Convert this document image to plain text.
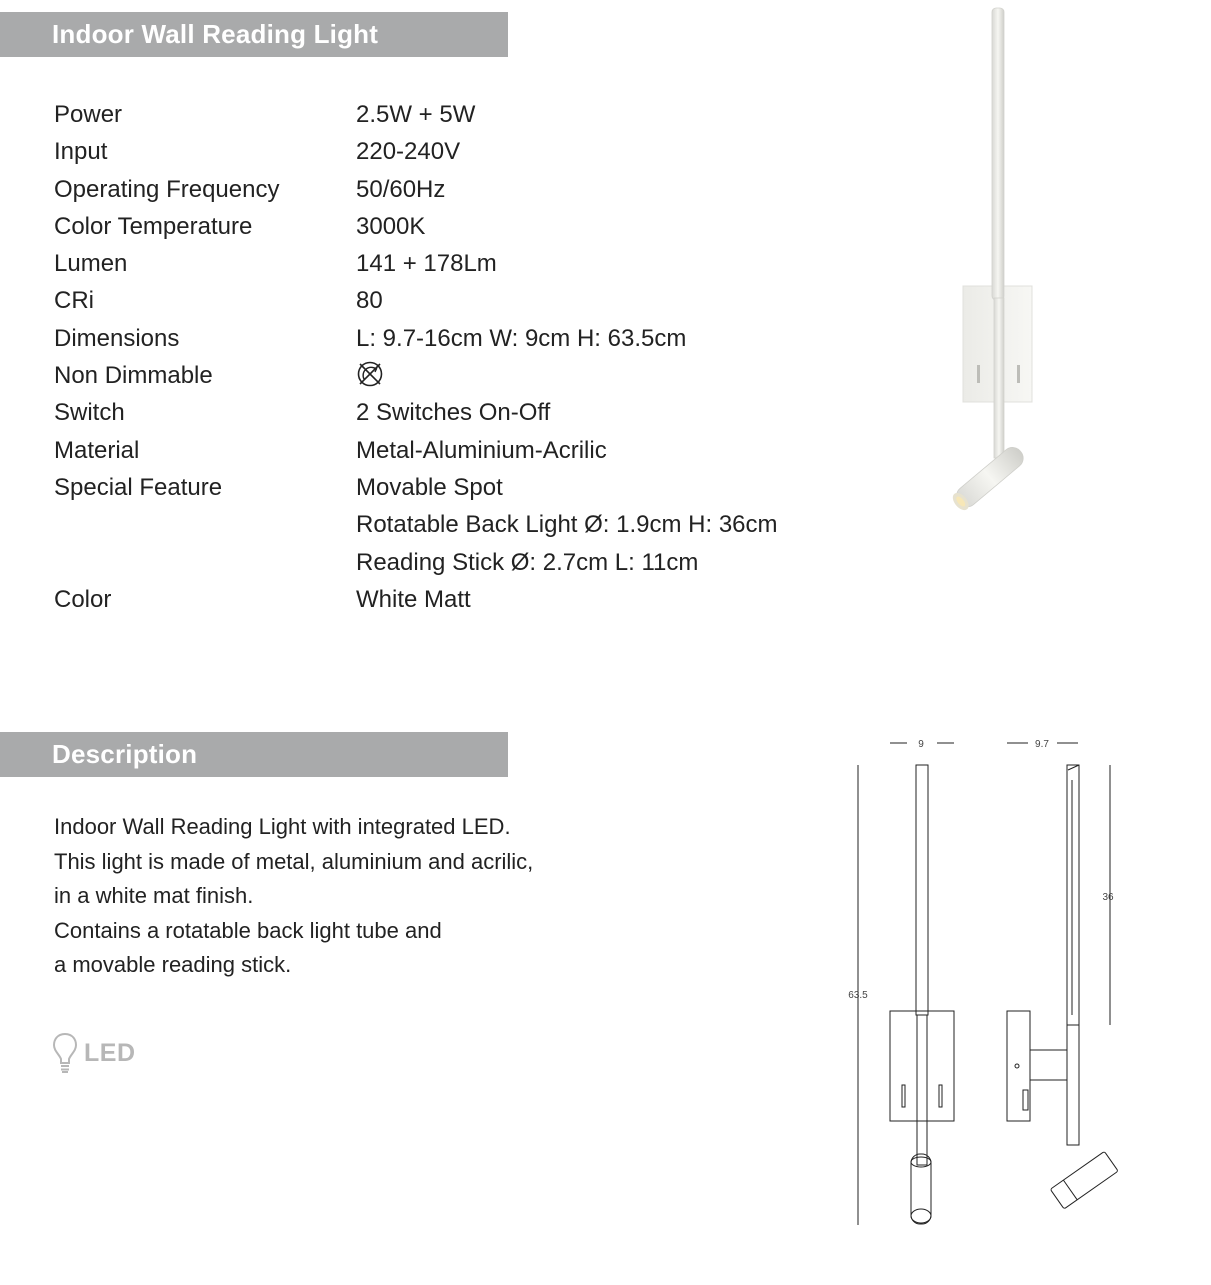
Indoor Wall Reading Light
Power	2.5W + 5W
Input	220-240V
Operating Frequency	50/60Hz
Color Temperature	3000K
Lumen	141 + 178Lm
CRi	80
Dimensions	L: 9.7-16cm W: 9cm H: 63.5cm
Non Dimmable
Switch	2 Switches On-Off
Material	Metal-Aluminium-Acrilic
Special Feature	Movable Spot
Rotatable Back Light Ø: 1.9cm H: 36cm
Reading Stick Ø: 2.7cm L: 11cm
Color	White Matt
Description
Indoor Wall Reading Light with integrated LED.
This light is made of metal, aluminium and acrilic,
in a white mat finish.
Contains a rotatable back light tube and
a movable reading stick.
LED
9	9.7
63.5
36
